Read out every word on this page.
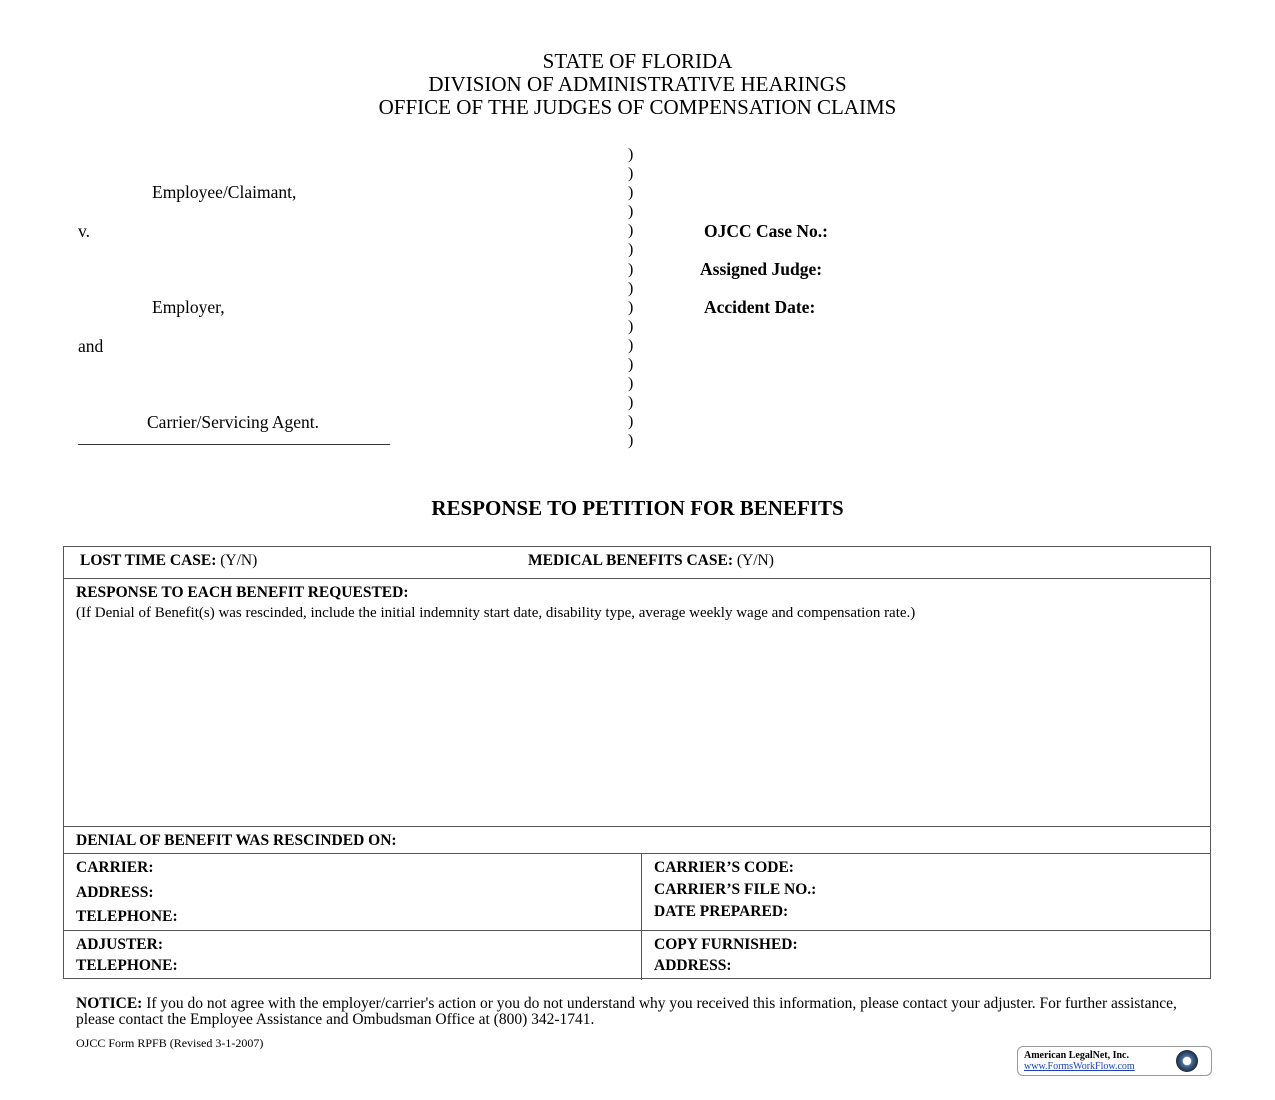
STATE OF FLORIDA
DIVISION OF ADMINISTRATIVE HEARINGS
OFFICE OF THE JUDGES OF COMPENSATION CLAIMS
Employee/Claimant,
v.
Employer,
and
Carrier/Servicing Agent.
_______________________________________
)
)
)
)
)
)
)
)
)
)
)
)
)
)
)
)
OJCC Case No.:
Assigned Judge:
Accident Date:
RESPONSE TO PETITION FOR BENEFITS
LOST TIME CASE: (Y/N)	MEDICAL BENEFITS CASE: (Y/N)
RESPONSE TO EACH BENEFIT REQUESTED:
(If Denial of Benefit(s) was rescinded, include the initial indemnity start date, disability type, average weekly wage and compensation rate.)
DENIAL OF BENEFIT WAS RESCINDED ON:
CARRIER:
ADDRESS:
TELEPHONE:
CARRIER’S CODE:
CARRIER’S FILE NO.:
DATE PREPARED:
ADJUSTER:
TELEPHONE:
COPY FURNISHED:
ADDRESS:
NOTICE: If you do not agree with the employer/carrier's action or you do not understand why you received this information, please contact your adjuster. For further assistance, please contact the Employee Assistance and Ombudsman Office at (800) 342-1741.
OJCC Form RPFB (Revised 3-1-2007)
American LegalNet, Inc.
www.FormsWorkFlow.com
